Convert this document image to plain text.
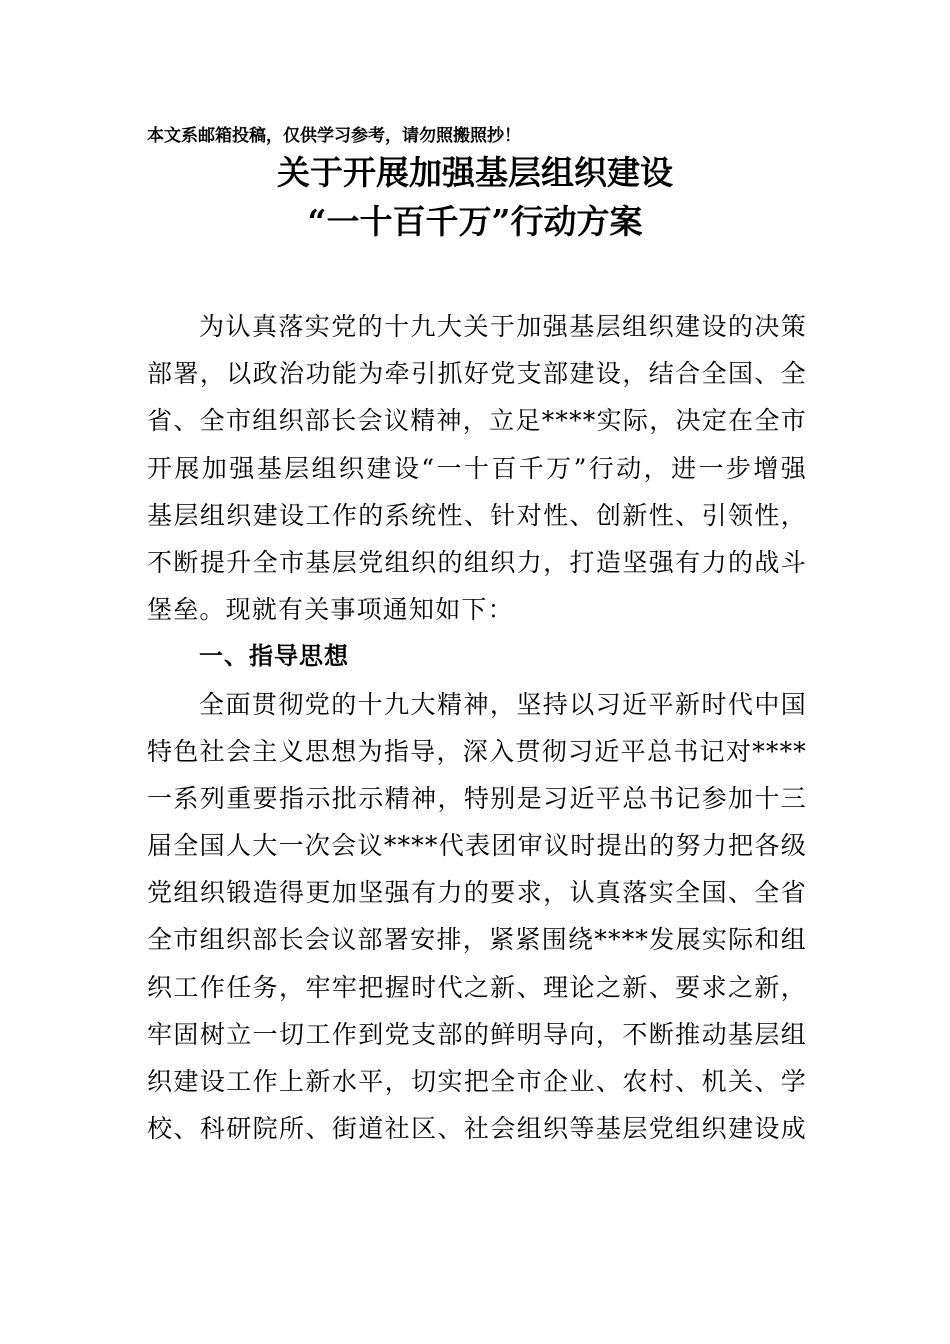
本文系邮箱投稿，仅供学习参考，请勿照搬照抄！
关于开展加强基层组织建设
“一十百千万”行动方案
为认真落实党的十九大关于加强基层组织建设的决策
部署，以政治功能为牵引抓好党支部建设，结合全国、全
省、全市组织部长会议精神，立足****实际，决定在全市
开展加强基层组织建设“一十百千万”行动，进一步增强
基层组织建设工作的系统性、针对性、创新性、引领性，
不断提升全市基层党组织的组织力，打造坚强有力的战斗
堡垒。现就有关事项通知如下：
一、指导思想
全面贯彻党的十九大精神，坚持以习近平新时代中国
特色社会主义思想为指导，深入贯彻习近平总书记对****
一系列重要指示批示精神，特别是习近平总书记参加十三
届全国人大一次会议****代表团审议时提出的努力把各级
党组织锻造得更加坚强有力的要求，认真落实全国、全省
全市组织部长会议部署安排，紧紧围绕****发展实际和组
织工作任务，牢牢把握时代之新、理论之新、要求之新，
牢固树立一切工作到党支部的鲜明导向，不断推动基层组
织建设工作上新水平，切实把全市企业、农村、机关、学
校、科研院所、街道社区、社会组织等基层党组织建设成
